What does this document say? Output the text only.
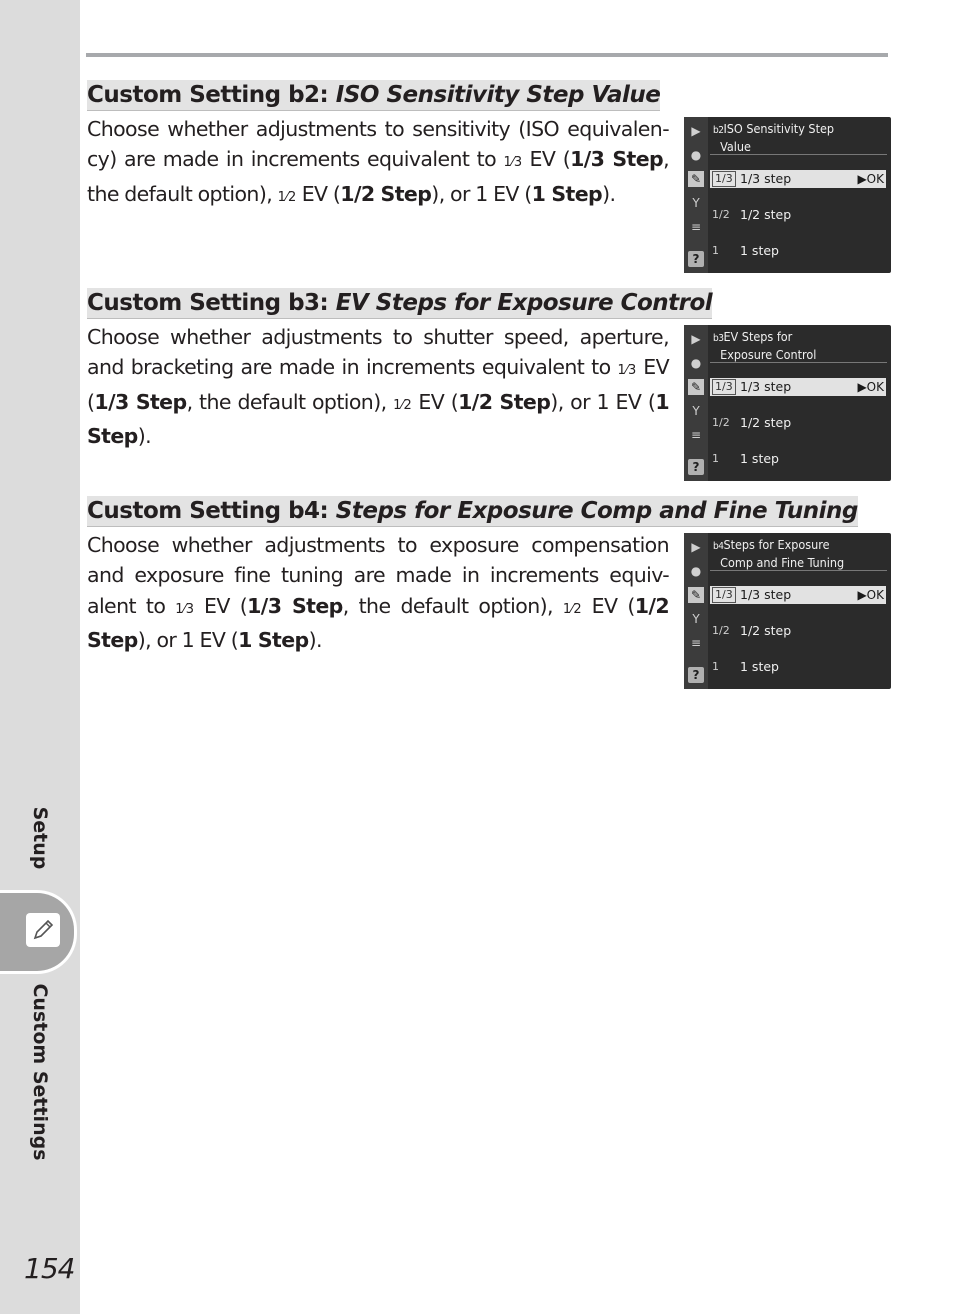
Setup
Custom Settings
154
Custom Setting b2: ISO Sensitivity Step Value
Choose whether adjustments to sensitivity (ISO equivalen-cy) are made in increments equivalent to 1⁄3 EV (1/3 Step, the default option), 1⁄2 EV (1/2 Step), or 1 EV (1 Step).
▶
●
✎
Y
≡
?
b2ISO Sensitivity Step
Value
1/3 1/3 step	▶OK
1/2 1/2 step
1 1 step
Custom Setting b3: EV Steps for Exposure Control
Choose whether adjustments to shutter speed, aperture, and bracketing are made in increments equivalent to 1⁄3 EV (1/3 Step, the default option), 1⁄2 EV (1/2 Step), or 1 EV (1 Step).
▶
●
✎
Y
≡
?
b3EV Steps for
Exposure Control
1/3 1/3 step	▶OK
1/2 1/2 step
1 1 step
Custom Setting b4: Steps for Exposure Comp and Fine Tuning
Choose whether adjustments to exposure compensation and exposure fine tuning are made in increments equiv-alent to 1⁄3 EV (1/3 Step, the default option), 1⁄2 EV (1/2 Step), or 1 EV (1 Step).
▶
●
✎
Y
≡
?
b4Steps for Exposure
Comp and Fine Tuning
1/3 1/3 step	▶OK
1/2 1/2 step
1 1 step
